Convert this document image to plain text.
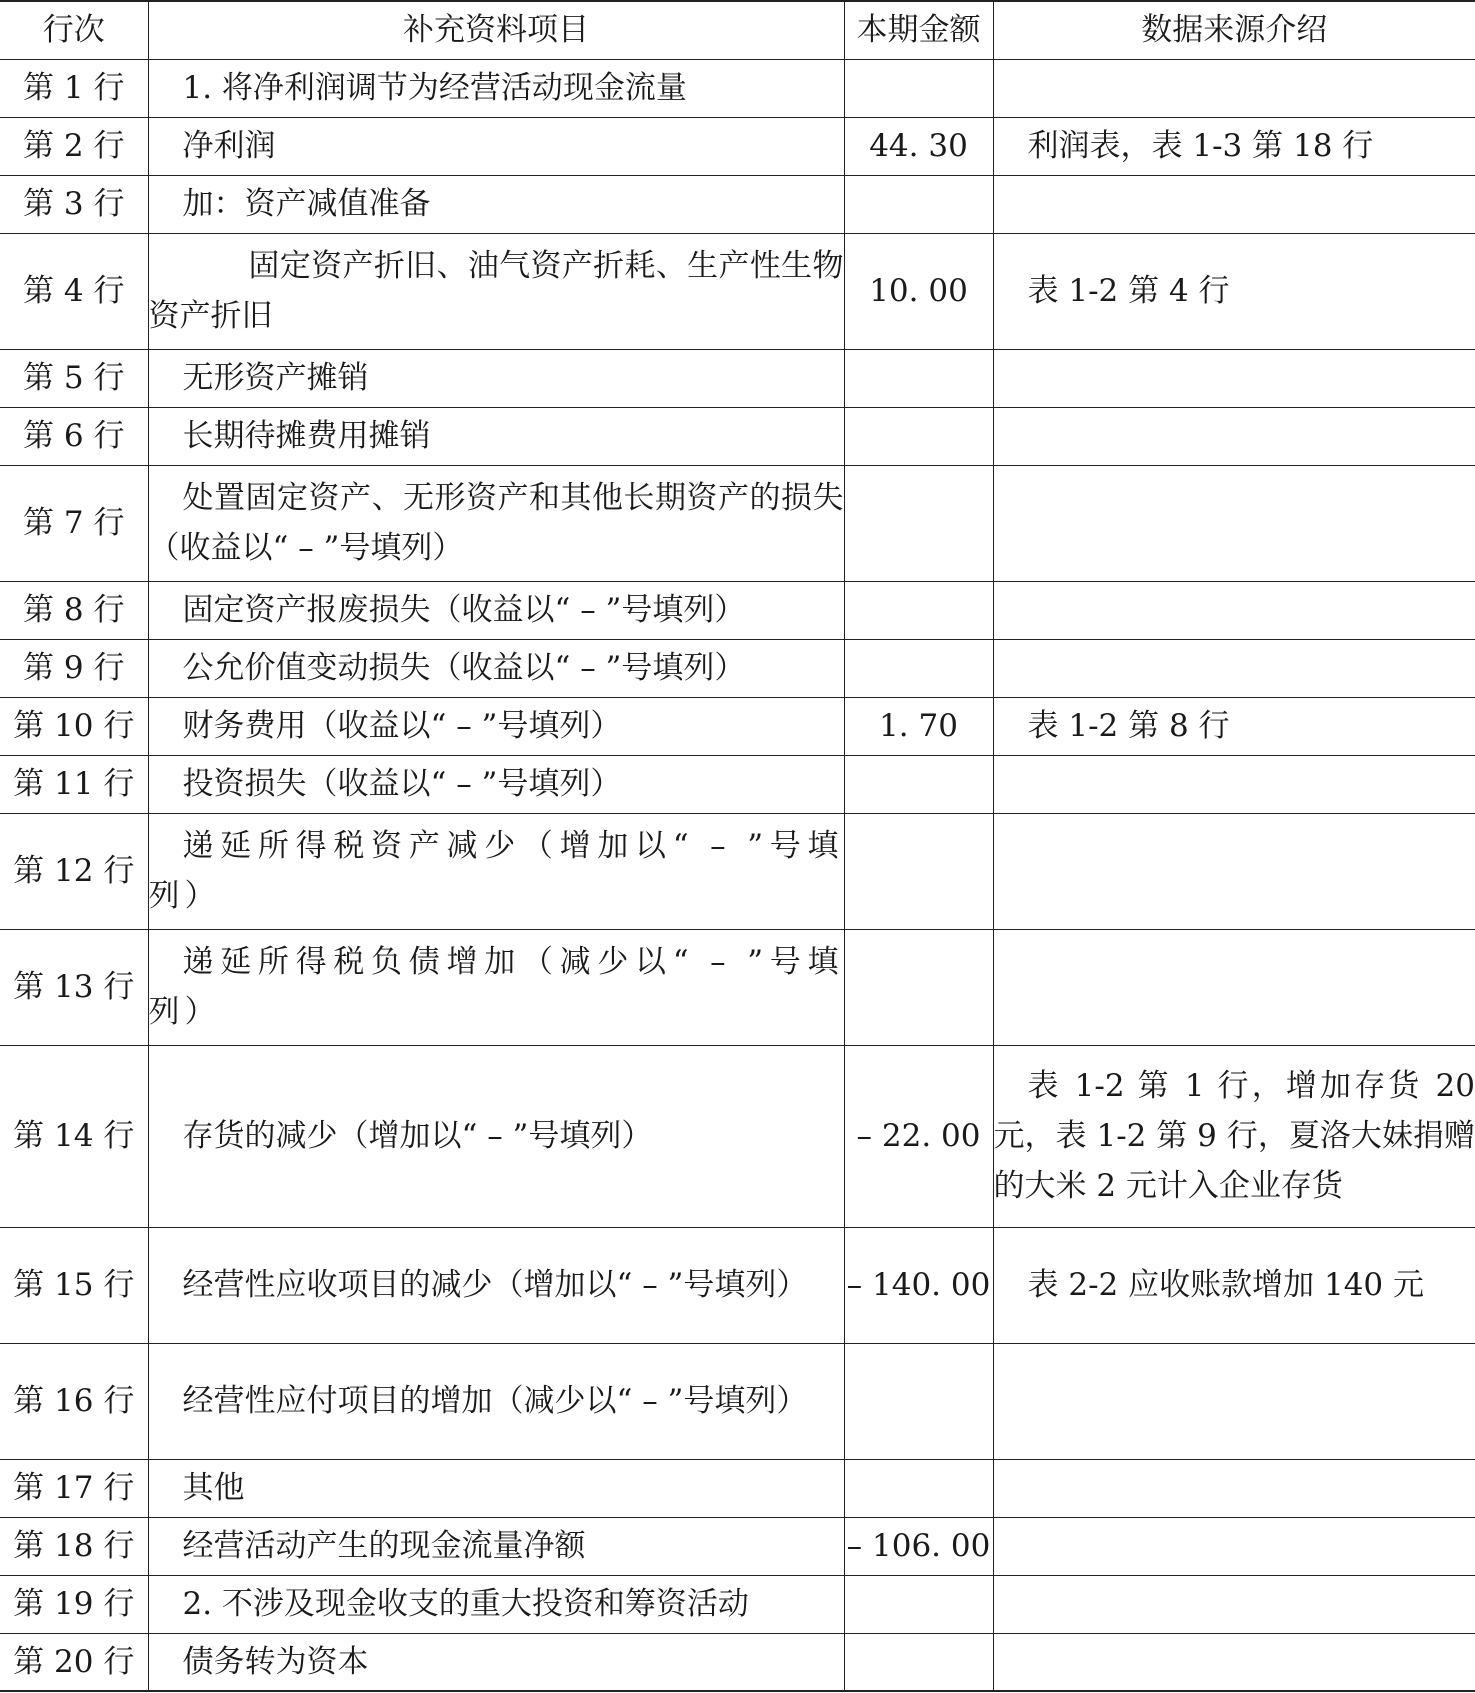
行次	补充资料项目	本期金额	数据来源介绍
第 1 行	1. 将净利润调节为经营活动现金流量		
第 2 行	净利润	44. 30	利润表，表 1-3 第 18 行
第 3 行	加：资产减值准备		
第 4 行	固定资产折旧、油气资产折耗、生产性生物资产折旧	10. 00	表 1-2 第 4 行
第 5 行	无形资产摊销		
第 6 行	长期待摊费用摊销		
第 7 行	处置固定资产、无形资产和其他长期资产的损失（收益以“ – ”号填列）		
第 8 行	固定资产报废损失（收益以“ – ”号填列）		
第 9 行	公允价值变动损失（收益以“ – ”号填列）		
第 10 行	财务费用（收益以“ – ”号填列）	1. 70	表 1-2 第 8 行
第 11 行	投资损失（收益以“ – ”号填列）		
第 12 行	递延所得税资产减少（增加以“ – ”号填列）		
第 13 行	递延所得税负债增加（减少以“ – ”号填列）		
第 14 行	存货的减少（增加以“ – ”号填列）	– 22. 00	表 1-2 第 1 行，增加存货 20 元，表 1-2 第 9 行，夏洛大妹捐赠的大米 2 元计入企业存货
第 15 行	经营性应收项目的减少（增加以“ – ”号填列）	– 140. 00	表 2-2 应收账款增加 140 元
第 16 行	经营性应付项目的增加（减少以“ – ”号填列）		
第 17 行	其他		
第 18 行	经营活动产生的现金流量净额	– 106. 00	
第 19 行	2. 不涉及现金收支的重大投资和筹资活动		
第 20 行	债务转为资本		
